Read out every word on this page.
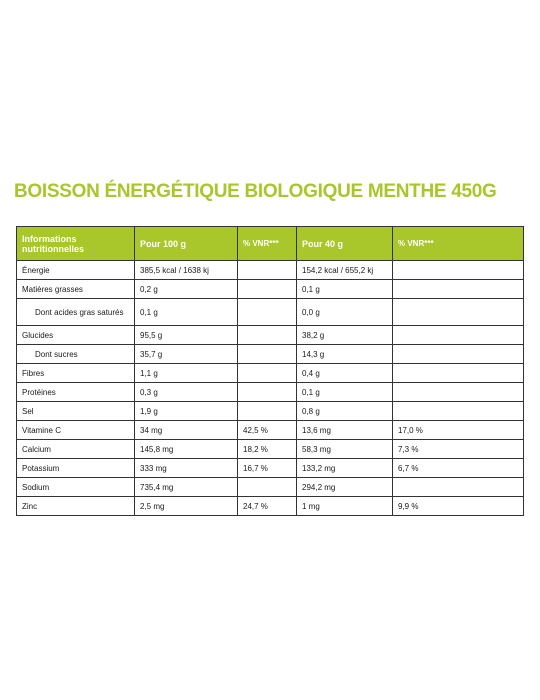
BOISSON ÉNERGÉTIQUE BIOLOGIQUE MENTHE 450G
Informations nutritionnelles	Pour 100 g	% VNR***	Pour 40 g	% VNR***
Énergie	385,5 kcal / 1638 kj		154,2 kcal / 655,2 kj	
Matières grasses	0,2 g		0,1 g	
Dont acides gras saturés	0,1 g		0,0 g	
Glucides	95,5 g		38,2 g	
Dont sucres	35,7 g		14,3 g	
Fibres	1,1 g		0,4 g	
Protéines	0,3 g		0,1 g	
Sel	1,9 g		0,8 g	
Vitamine C	34 mg	42,5 %	13,6 mg	17,0 %
Calcium	145,8 mg	18,2 %	58,3 mg	7,3 %
Potassium	333 mg	16,7 %	133,2 mg	6,7 %
Sodium	735,4 mg		294,2 mg	
Zinc	2,5 mg	24,7 %	1 mg	9,9 %
